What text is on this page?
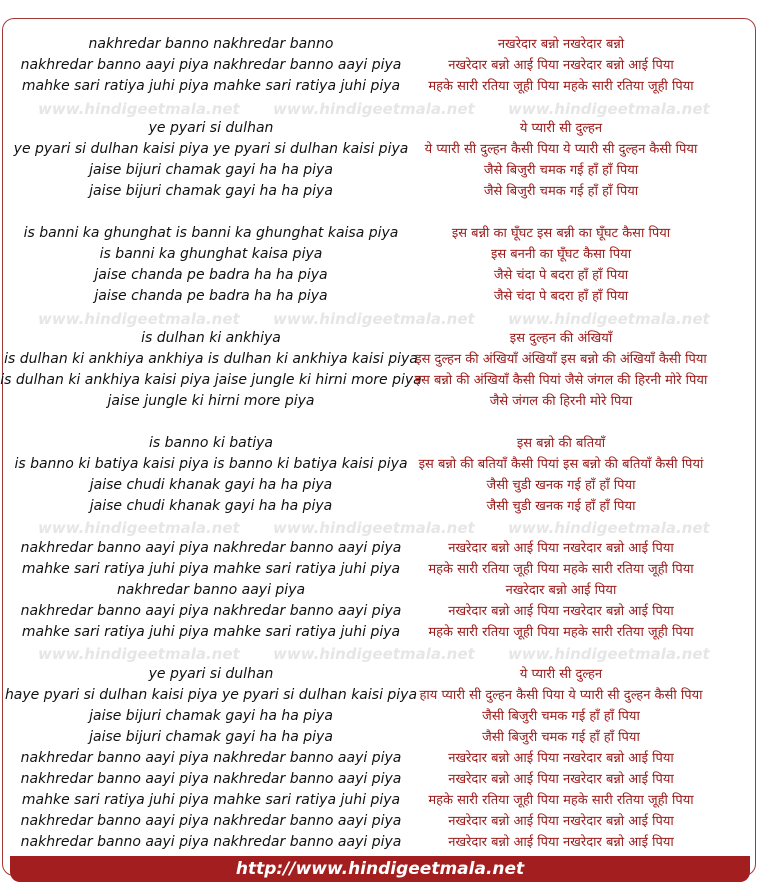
www.hindigeetmala.net www.hindigeetmala.net www.hindigeetmala.net
www.hindigeetmala.net www.hindigeetmala.net www.hindigeetmala.net
www.hindigeetmala.net www.hindigeetmala.net www.hindigeetmala.net
www.hindigeetmala.net www.hindigeetmala.net www.hindigeetmala.net
nakhredar banno nakhredar banno
nakhredar banno aayi piya nakhredar banno aayi piya
mahke sari ratiya juhi piya mahke sari ratiya juhi piya
ye pyari si dulhan
ye pyari si dulhan kaisi piya ye pyari si dulhan kaisi piya
jaise bijuri chamak gayi ha ha piya
jaise bijuri chamak gayi ha ha piya
is banni ka ghunghat is banni ka ghunghat kaisa piya
is banni ka ghunghat kaisa piya
jaise chanda pe badra ha ha piya
jaise chanda pe badra ha ha piya
is dulhan ki ankhiya
is dulhan ki ankhiya ankhiya is dulhan ki ankhiya kaisi piya
is dulhan ki ankhiya kaisi piya jaise jungle ki hirni more piya
jaise jungle ki hirni more piya
is banno ki batiya
is banno ki batiya kaisi piya is banno ki batiya kaisi piya
jaise chudi khanak gayi ha ha piya
jaise chudi khanak gayi ha ha piya
nakhredar banno aayi piya nakhredar banno aayi piya
mahke sari ratiya juhi piya mahke sari ratiya juhi piya
nakhredar banno aayi piya
nakhredar banno aayi piya nakhredar banno aayi piya
mahke sari ratiya juhi piya mahke sari ratiya juhi piya
ye pyari si dulhan
haye pyari si dulhan kaisi piya ye pyari si dulhan kaisi piya
jaise bijuri chamak gayi ha ha piya
jaise bijuri chamak gayi ha ha piya
nakhredar banno aayi piya nakhredar banno aayi piya
nakhredar banno aayi piya nakhredar banno aayi piya
mahke sari ratiya juhi piya mahke sari ratiya juhi piya
nakhredar banno aayi piya nakhredar banno aayi piya
nakhredar banno aayi piya nakhredar banno aayi piya
नखरेदार बन्नो नखरेदार बन्नो
नखरेदार बन्नो आई पिया नखरेदार बन्नो आई पिया
महके सारी रतिया जूही पिया महके सारी रतिया जूही पिया
ये प्यारी सी दुल्हन
ये प्यारी सी दुल्हन कैसी पिया ये प्यारी सी दुल्हन कैसी पिया
जैसे बिजुरी चमक गई हाँ हाँ पिया
जैसे बिजुरी चमक गई हाँ हाँ पिया
इस बन्नी का घूँघट इस बन्नी का घूँघट कैसा पिया
इस बननी का घूँघट कैसा पिया
जैसे चंदा पे बदरा हाँ हाँ पिया
जैसे चंदा पे बदरा हाँ हाँ पिया
इस दुल्हन की अंखियाँ
इस दुल्हन की अंखियाँ अंखियाँ इस बन्नो की अंखियाँ कैसी पिया
इस बन्नो की अंखियाँ कैसी पियां जैसे जंगल की हिरनी मोरे पिया
जैसे जंगल की हिरनी मोरे पिया
इस बन्नो की बतियाँ
इस बन्नो की बतियाँ कैसी पियां इस बन्नो की बतियाँ कैसी पियां
जैसी चुडी खनक गई हाँ हाँ पिया
जैसी चुडी खनक गई हाँ हाँ पिया
नखरेदार बन्नो आई पिया नखरेदार बन्नो आई पिया
महके सारी रतिया जूही पिया महके सारी रतिया जूही पिया
नखरेदार बन्नो आई पिया
नखरेदार बन्नो आई पिया नखरेदार बन्नो आई पिया
महके सारी रतिया जूही पिया महके सारी रतिया जूही पिया
ये प्यारी सी दुल्हन
हाय प्यारी सी दुल्हन कैसी पिया ये प्यारी सी दुल्हन कैसी पिया
जैसी बिजुरी चमक गई हाँ हाँ पिया
जैसी बिजुरी चमक गई हाँ हाँ पिया
नखरेदार बन्नो आई पिया नखरेदार बन्नो आई पिया
नखरेदार बन्नो आई पिया नखरेदार बन्नो आई पिया
महके सारी रतिया जूही पिया महके सारी रतिया जूही पिया
नखरेदार बन्नो आई पिया नखरेदार बन्नो आई पिया
नखरेदार बन्नो आई पिया नखरेदार बन्नो आई पिया
http://www.hindigeetmala.net
